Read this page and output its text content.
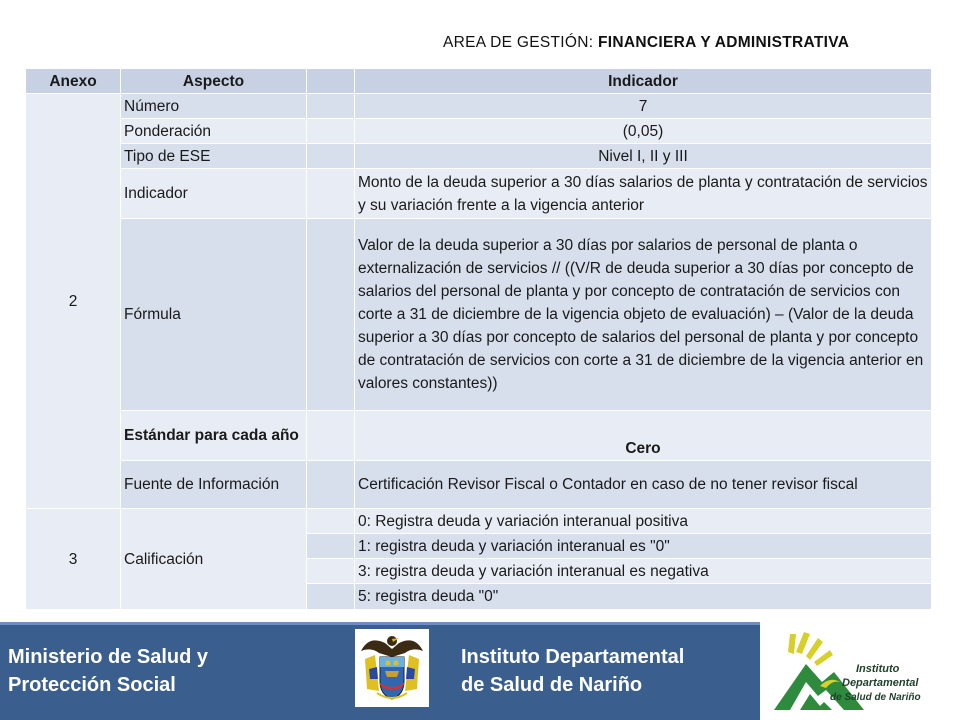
AREA DE GESTIÓN: FINANCIERA Y ADMINISTRATIVA
Anexo	Aspecto		Indicador
2	Número		7
	Ponderación		(0,05)
	Tipo de ESE		Nivel I, II y III
	Indicador		Monto de la deuda superior a 30 días salarios de planta y contratación de servicios y su variación frente a la vigencia anterior
	Fórmula		Valor de la deuda superior a 30 días por salarios de personal de planta o externalización de servicios // ((V/R de deuda superior a 30 días por concepto de salarios del personal de planta y por concepto de contratación de servicios con corte a 31 de diciembre de la vigencia objeto de evaluación) – (Valor de la deuda superior a 30 días por concepto de salarios del personal de planta y por concepto de contratación de servicios con corte a 31 de diciembre de la vigencia anterior en valores constantes))
	Estándar para cada año		Cero
	Fuente de Información		Certificación Revisor Fiscal o Contador en caso de no tener revisor fiscal
3	Calificación		0: Registra deuda y variación interanual positiva
			1: registra deuda y variación interanual es "0"
			3: registra deuda y variación interanual es negativa
			5: registra deuda "0"
Ministerio de Salud y
Protección Social
Instituto Departamental
de Salud de Nariño
Instituto
Departamental
de Salud de Nariño
